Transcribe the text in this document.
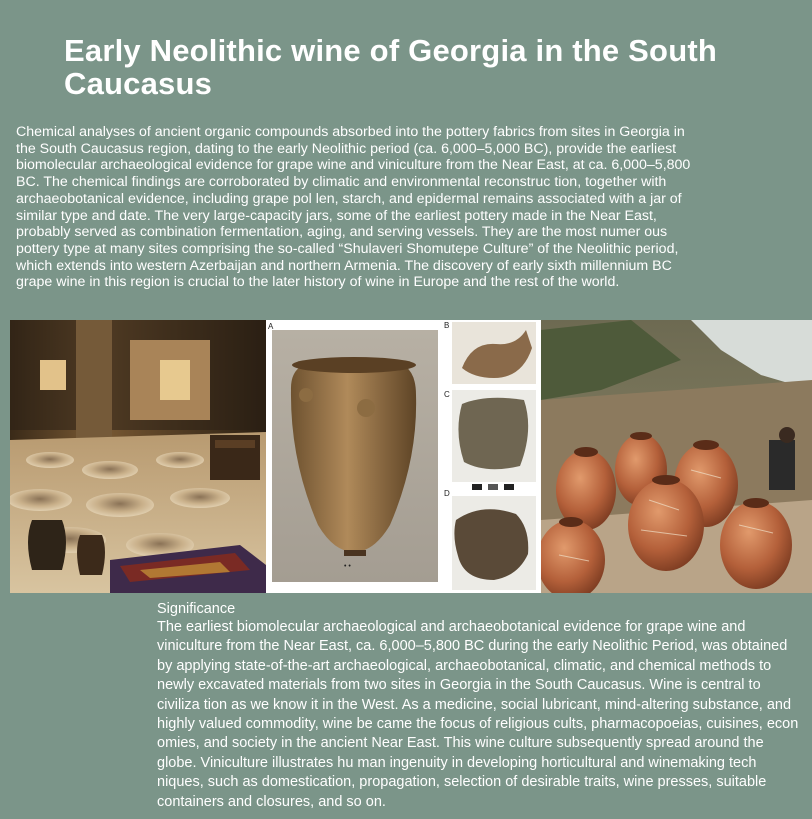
Early Neolithic wine of Georgia in the South Caucasus
Chemical analyses of ancient organic compounds absorbed into the pottery fabrics from sites in Georgia in the South Caucasus region, dating to the early Neolithic period (ca. 6,000–5,000 BC), provide the earliest biomolecular archaeological evidence for grape wine and viniculture from the Near East, at ca. 6,000–5,800 BC. The chemical findings are corroborated by climatic and environmental reconstruc tion, together with archaeobotanical evidence, including grape pol len, starch, and epidermal remains associated with a jar of similar type and date. The very large-capacity jars, some of the earliest pottery made in the Near East, probably served as combination fermentation, aging, and serving vessels. They are the most numer ous pottery type at many sites comprising the so-called “Shulaveri Shomutepe Culture” of the Neolithic period, which extends into western Azerbaijan and northern Armenia. The discovery of early sixth millennium BC grape wine in this region is crucial to the later history of wine in Europe and the rest of the world.
A	B
C
D
• •
Significance
The earliest biomolecular archaeological and archaeobotanical evidence for grape wine and viniculture from the Near East, ca. 6,000–5,800 BC during the early Neolithic Period, was obtained by applying state-of-the-art archaeological, archaeobotanical, climatic, and chemical methods to newly excavated materials from two sites in Georgia in the South Caucasus. Wine is central to civiliza tion as we know it in the West. As a medicine, social lubricant, mind-altering substance, and highly valued commodity, wine be came the focus of religious cults, pharmacopoeias, cuisines, econ omies, and society in the ancient Near East. This wine culture subsequently spread around the globe. Viniculture illustrates hu man ingenuity in developing horticultural and winemaking tech niques, such as domestication, propagation, selection of desirable traits, wine presses, suitable containers and closures, and so on.
